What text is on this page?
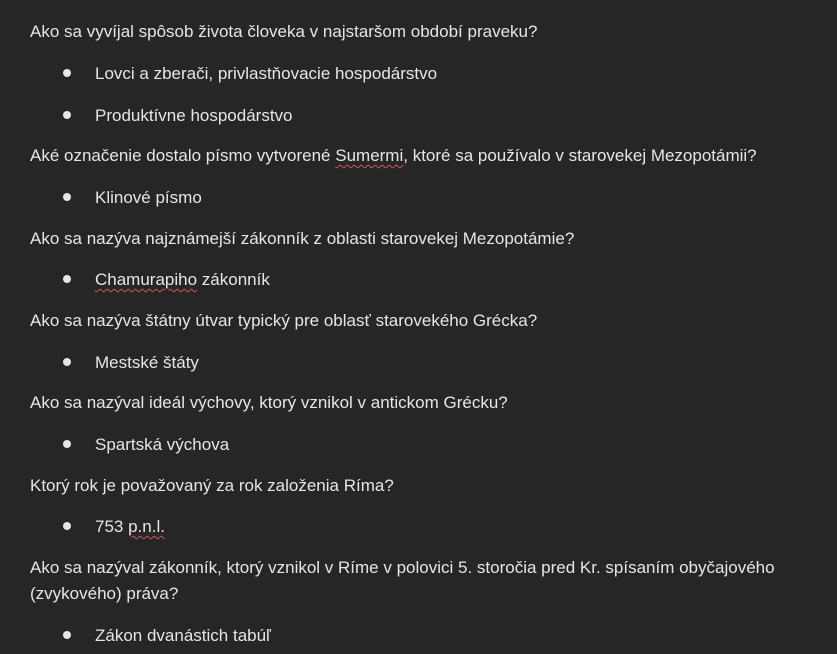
Ako sa vyvíjal spôsob života človeka v najstaršom období praveku?
Lovci a zberači, privlastňovacie hospodárstvo
Produktívne hospodárstvo
Aké označenie dostalo písmo vytvorené Sumermi, ktoré sa používalo v starovekej Mezopotámii?
Klinové písmo
Ako sa nazýva najznámejší zákonník z oblasti starovekej Mezopotámie?
Chamurapiho zákonník
Ako sa nazýva štátny útvar typický pre oblasť starovekého Grécka?
Mestské štáty
Ako sa nazýval ideál výchovy, ktorý vznikol v antickom Grécku?
Spartská výchova
Ktorý rok je považovaný za rok založenia Ríma?
753 p.n.l.
Ako sa nazýval zákonník, ktorý vznikol v Ríme v polovici 5. storočia pred Kr. spísaním obyčajového (zvykového) práva?
Zákon dvanástich tabúľ
